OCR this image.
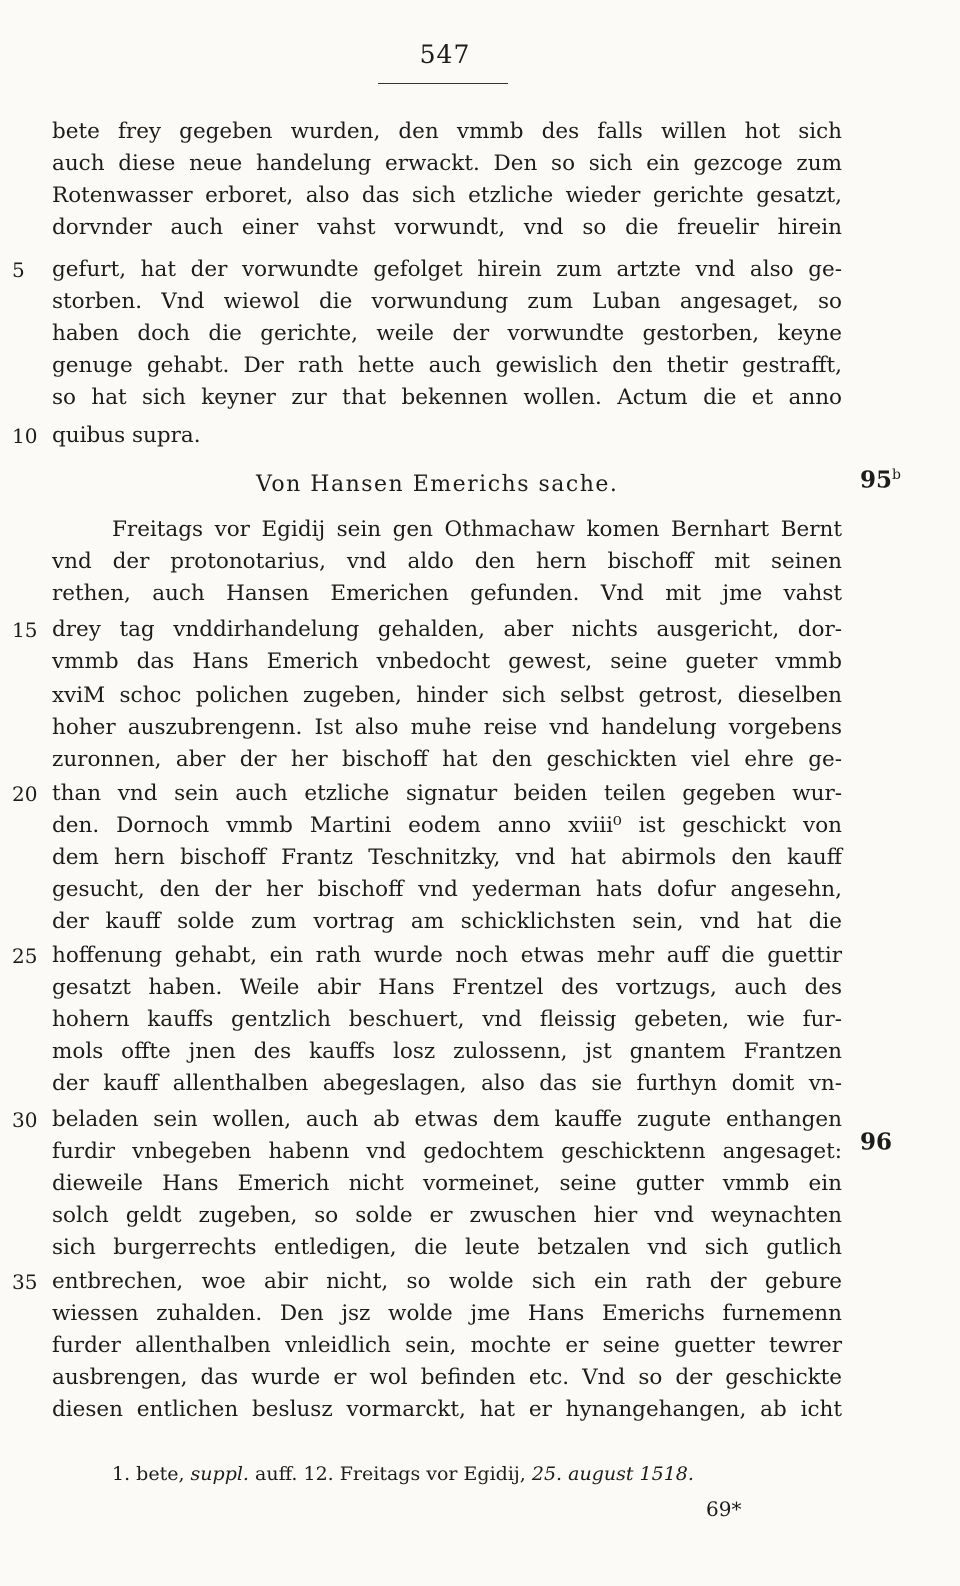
547
bete frey gegeben wurden, den vmmb des falls willen hot sich
auch diese neue handelung erwackt. Den so sich ein gezcoge zum
Rotenwasser erboret, also das sich etzliche wieder gerichte gesatzt,
dorvnder auch einer vahst vorwundt, vnd so die freuelir hirein
5	gefurt, hat der vorwundte gefolget hirein zum artzte vnd also ge-
storben. Vnd wiewol die vorwundung zum Luban angesaget, so
haben doch die gerichte, weile der vorwundte gestorben, keyne
genuge gehabt. Der rath hette auch gewislich den thetir gestrafft,
so hat sich keyner zur that bekennen wollen. Actum die et anno
10 quibus supra.
Von Hansen Emerichs sache.	95$^b$
Freitags vor Egidij sein gen Othmachaw komen Bernhart Bernt
vnd der protonotarius, vnd aldo den hern bischoff mit seinen
rethen, auch Hansen Emerichen gefunden. Vnd mit jme vahst
15 drey tag vnddirhandelung gehalden, aber nichts ausgericht, dor-
vmmb das Hans Emerich vnbedocht gewest, seine gueter vmmb
xviM schoc polichen zugeben, hinder sich selbst getrost, dieselben
hoher auszubrengenn. Ist also muhe reise vnd handelung vorgebens
zuronnen, aber der her bischoff hat den geschickten viel ehre ge-
20 than vnd sein auch etzliche signatur beiden teilen gegeben wur-
den. Dornoch vmmb Martini eodem anno xviii⁰ ist geschickt von
dem hern bischoff Frantz Teschnitzky, vnd hat abirmols den kauff
gesucht, den der her bischoff vnd yederman hats dofur angesehn,
der kauff solde zum vortrag am schicklichsten sein, vnd hat die
25 hoffenung gehabt, ein rath wurde noch etwas mehr auff die guettir
gesatzt haben. Weile abir Hans Frentzel des vortzugs, auch des
hohern kauffs gentzlich beschuert, vnd fleissig gebeten, wie fur-
mols offte jnen des kauffs losz zulossenn, jst gnantem Frantzen
der kauff allenthalben abegeslagen, also das sie furthyn domit vn-
30 beladen sein wollen, auch ab etwas dem kauffe zugute enthangen
furdir vnbegeben habenn vnd gedochtem geschicktenn angesaget: 96
dieweile Hans Emerich nicht vormeinet, seine gutter vmmb ein
solch geldt zugeben, so solde er zwuschen hier vnd weynachten
sich burgerrechts entledigen, die leute betzalen vnd sich gutlich
35 entbrechen, woe abir nicht, so wolde sich ein rath der gebure
wiessen zuhalden. Den jsz wolde jme Hans Emerichs furnemenn
furder allenthalben vnleidlich sein, mochte er seine guetter tewrer
ausbrengen, das wurde er wol befinden etc. Vnd so der geschickte
diesen entlichen beslusz vormarckt, hat er hynangehangen, ab icht
1. bete, suppl. auff. 12. Freitags vor Egidij, 25. august 1518.
69*
